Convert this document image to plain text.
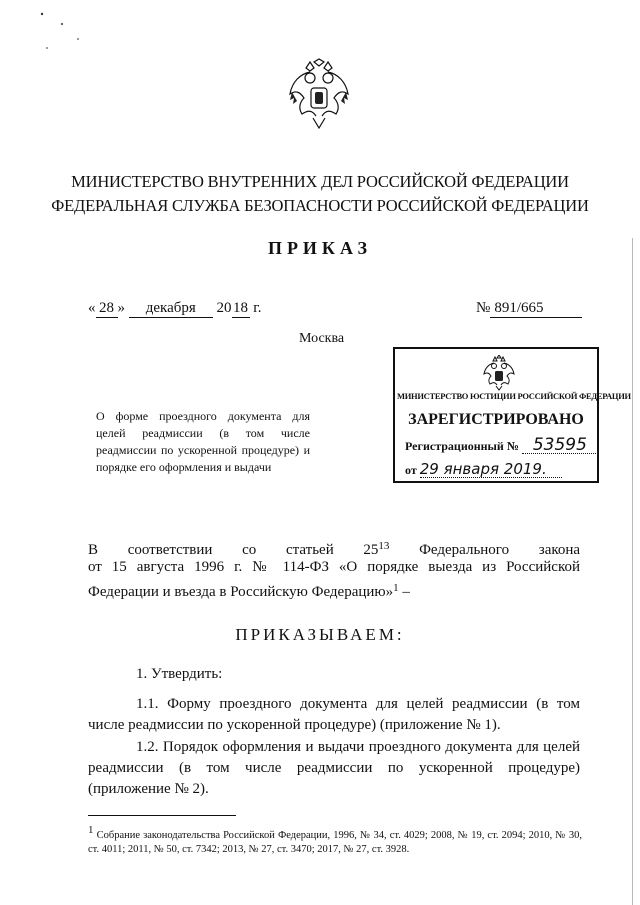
МИНИСТЕРСТВО ВНУТРЕННИХ ДЕЛ РОССИЙСКОЙ ФЕДЕРАЦИИ
ФЕДЕРАЛЬНАЯ СЛУЖБА БЕЗОПАСНОСТИ РОССИЙСКОЙ ФЕДЕРАЦИИ
ПРИКАЗ
« 28 » декабря 20 18 г.	№ 891/665
Москва
О форме проездного документа для целей реадмиссии (в том числе реадмиссии по ускоренной процедуре) и порядке его оформления и выдачи
МИНИСТЕРСТВО ЮСТИЦИИ РОССИЙСКОЙ ФЕДЕРАЦИИ
ЗАРЕГИСТРИРОВАНО
Регистрационный № 53595
от 29 января 2019.
В соответствии со статьей $25^{13}$ Федерального закона
от 15 августа 1996 г. № 114-ФЗ «О порядке выезда из Российской
Федерации и въезда в Российскую Федерацию»$^1$ –
ПРИКАЗЫВАЕМ:
1. Утвердить:
1.1. Форму проездного документа для целей реадмиссии (в том
числе реадмиссии по ускоренной процедуре) (приложение № 1).
1.2. Порядок оформления и выдачи проездного документа для целей
реадмиссии (в том числе реадмиссии по ускоренной процедуре)
(приложение № 2).
1 Собрание законодательства Российской Федерации, 1996, № 34, ст. 4029; 2008, № 19, ст. 2094; 2010, № 30, ст. 4011; 2011, № 50, ст. 7342; 2013, № 27, ст. 3470; 2017, № 27, ст. 3928.
